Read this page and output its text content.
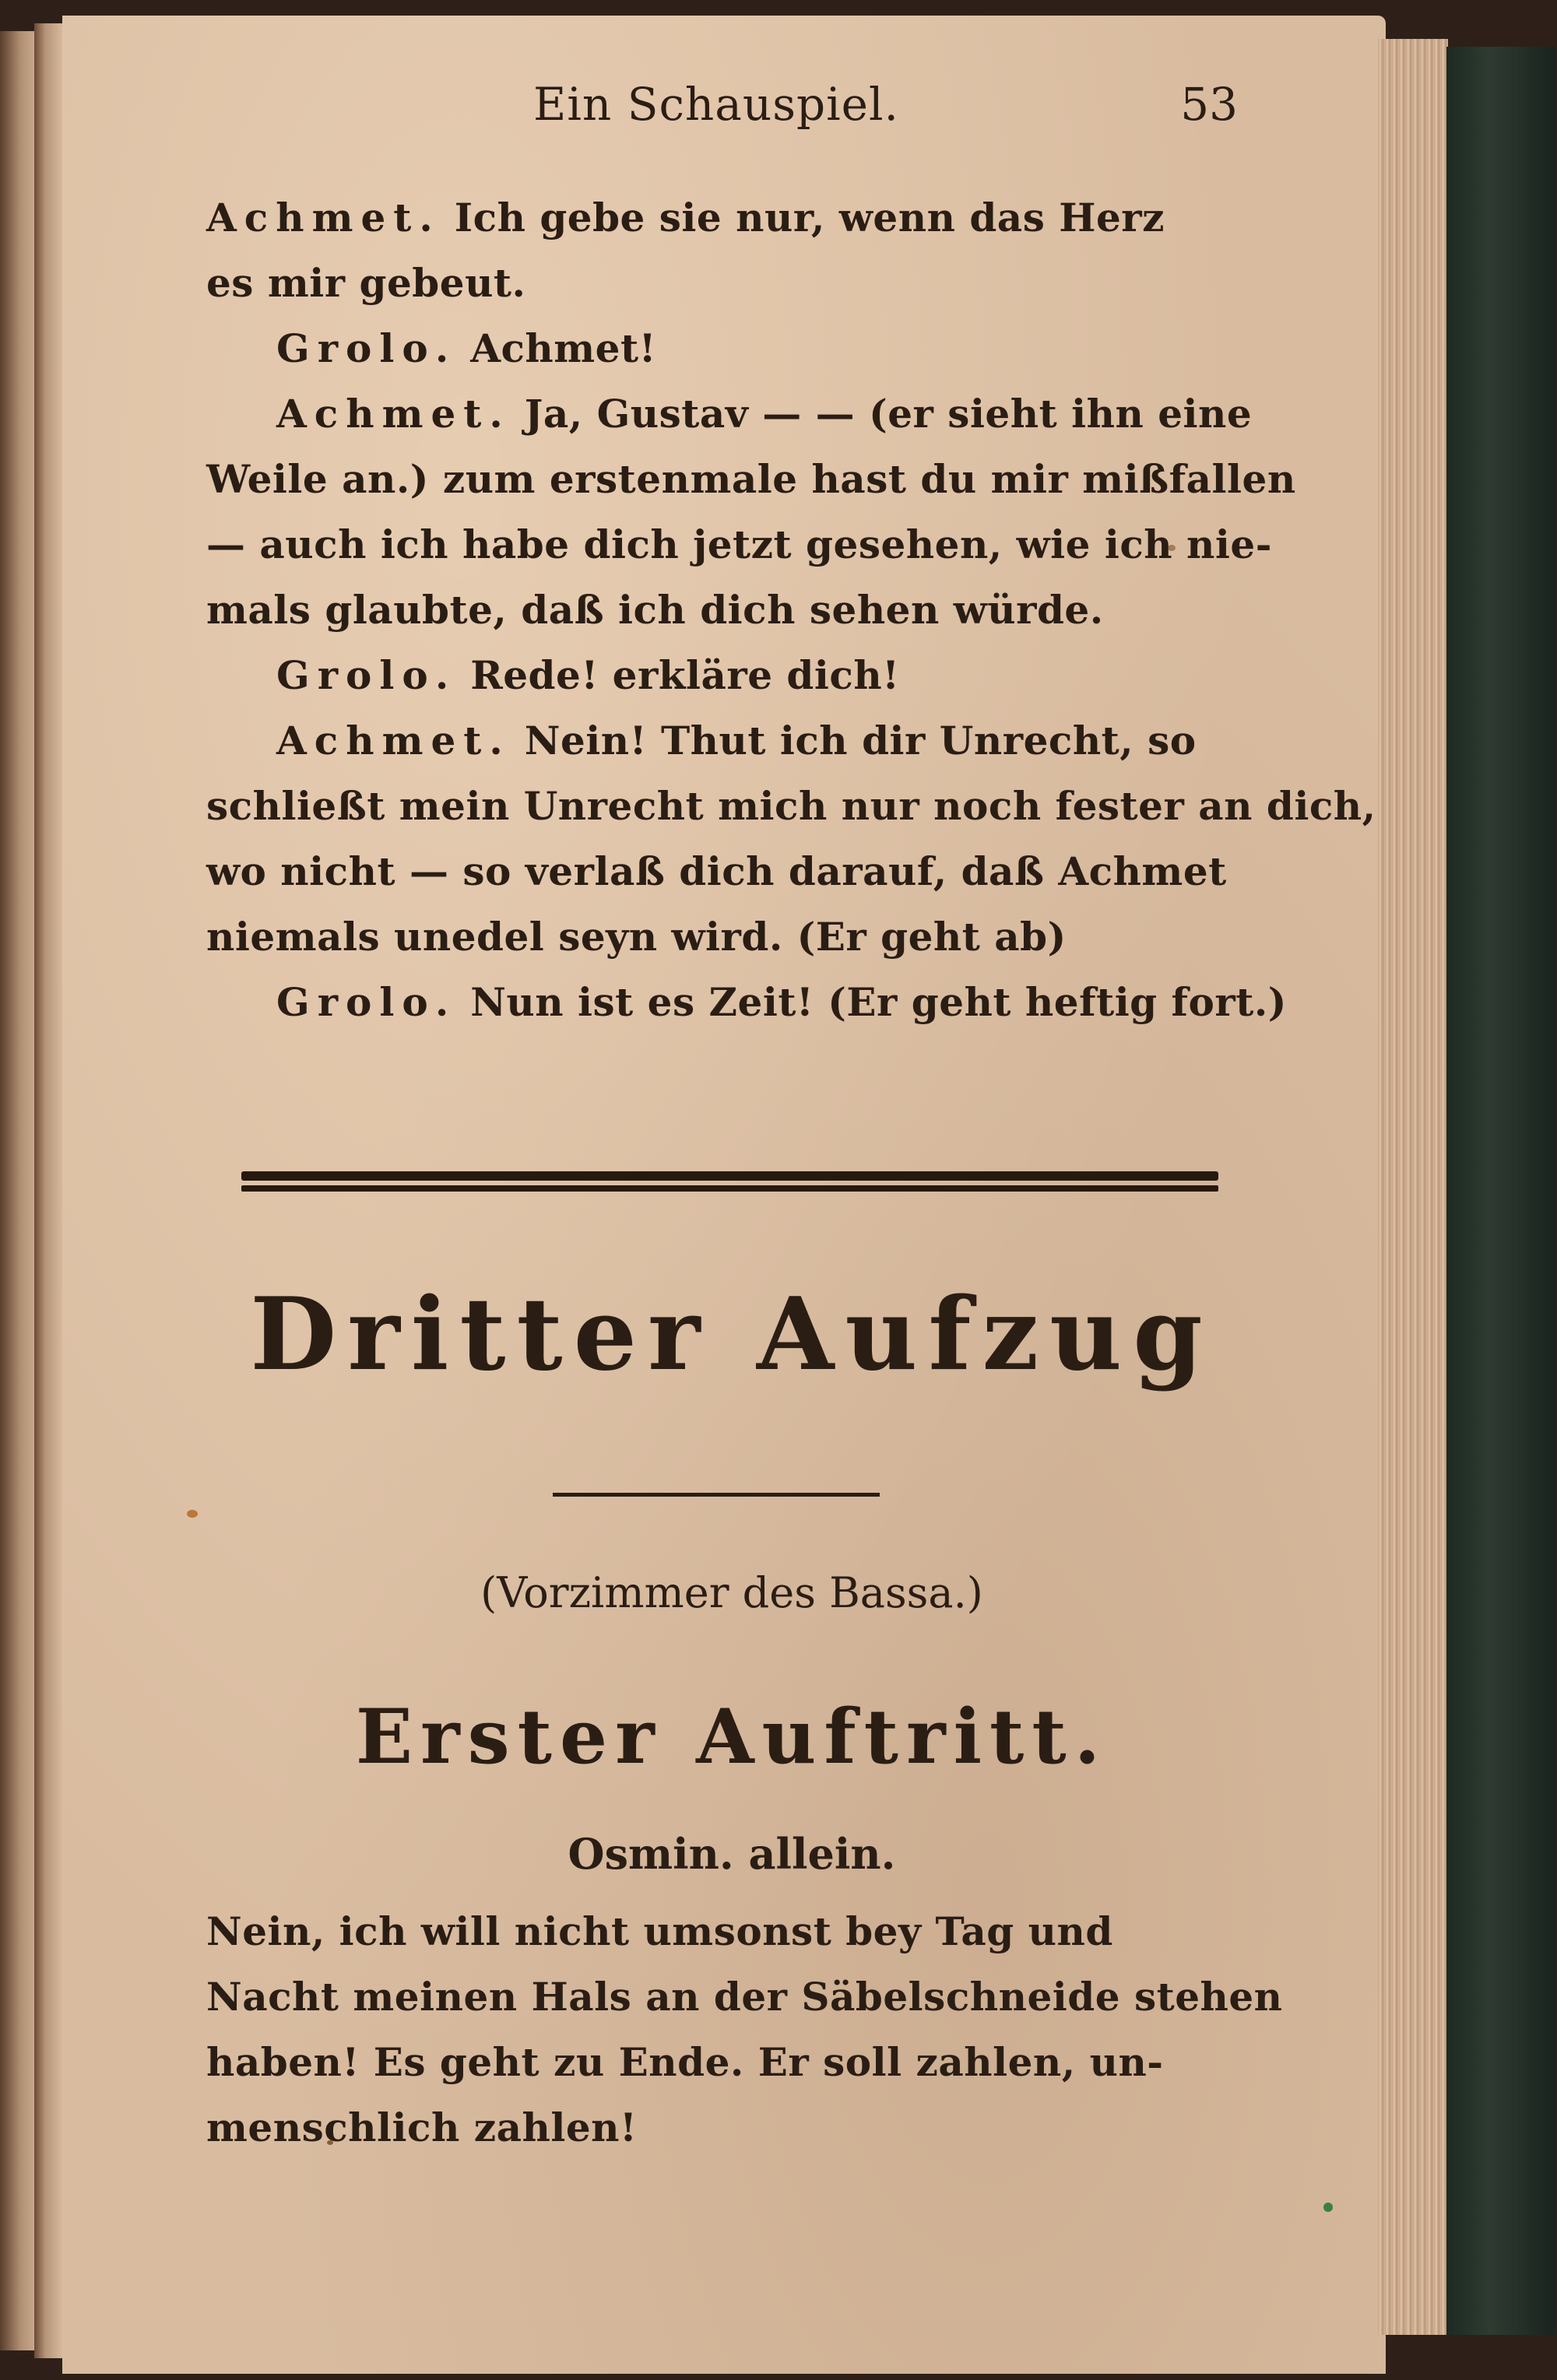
Ein Schauspiel.	53

Achmet. Ich gebe sie nur, wenn das Herz

es mir gebeut.

Grolo. Achmet!

Achmet. Ja, Gustav — — (er sieht ihn eine

Weile an.) zum erstenmale hast du mir mißfallen

— auch ich habe dich jetzt gesehen, wie ich nie-

mals glaubte, daß ich dich sehen würde.

Grolo. Rede! erkläre dich!

Achmet. Nein! Thut ich dir Unrecht, so

schließt mein Unrecht mich nur noch fester an dich,

wo nicht — so verlaß dich darauf, daß Achmet

niemals unedel seyn wird. (Er geht ab)

Grolo. Nun ist es Zeit! (Er geht heftig fort.)

Dritter Aufzug
(Vorzimmer des Bassa.)
Erster Auftritt.
Osmin. allein.

Nein, ich will nicht umsonst bey Tag und

Nacht meinen Hals an der Säbelschneide stehen

haben! Es geht zu Ende. Er soll zahlen, un-

menschlich zahlen!
